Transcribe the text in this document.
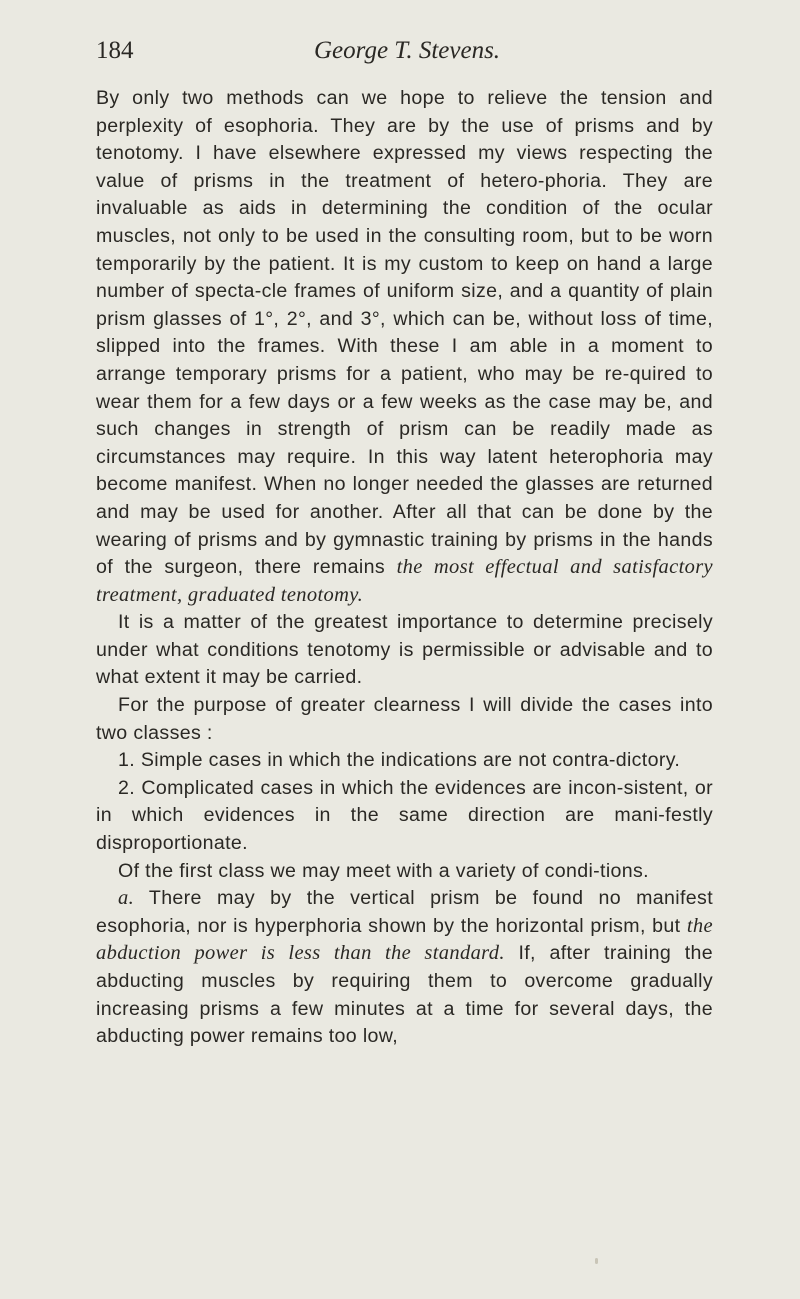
184	George T. Stevens.

By only two methods can we hope to relieve the tension and perplexity of esophoria. They are by the use of prisms and by tenotomy. I have elsewhere expressed my views respecting the value of prisms in the treatment of hetero-phoria. They are invaluable as aids in determining the condition of the ocular muscles, not only to be used in the consulting room, but to be worn temporarily by the patient. It is my custom to keep on hand a large number of specta-cle frames of uniform size, and a quantity of plain prism glasses of 1°, 2°, and 3°, which can be, without loss of time, slipped into the frames. With these I am able in a moment to arrange temporary prisms for a patient, who may be re-quired to wear them for a few days or a few weeks as the case may be, and such changes in strength of prism can be readily made as circumstances may require. In this way latent heterophoria may become manifest. When no longer needed the glasses are returned and may be used for another. After all that can be done by the wearing of prisms and by gymnastic training by prisms in the hands of the surgeon, there remains the most effectual and satisfactory treatment, graduated tenotomy.

It is a matter of the greatest importance to determine precisely under what conditions tenotomy is permissible or advisable and to what extent it may be carried.

For the purpose of greater clearness I will divide the cases into two classes :

1. Simple cases in which the indications are not contra-dictory.

2. Complicated cases in which the evidences are incon-sistent, or in which evidences in the same direction are mani-festly disproportionate.

Of the first class we may meet with a variety of condi-tions.

a. There may by the vertical prism be found no manifest esophoria, nor is hyperphoria shown by the horizontal prism, but the abduction power is less than the standard. If, after training the abducting muscles by requiring them to overcome gradually increasing prisms a few minutes at a time for several days, the abducting power remains too low,
